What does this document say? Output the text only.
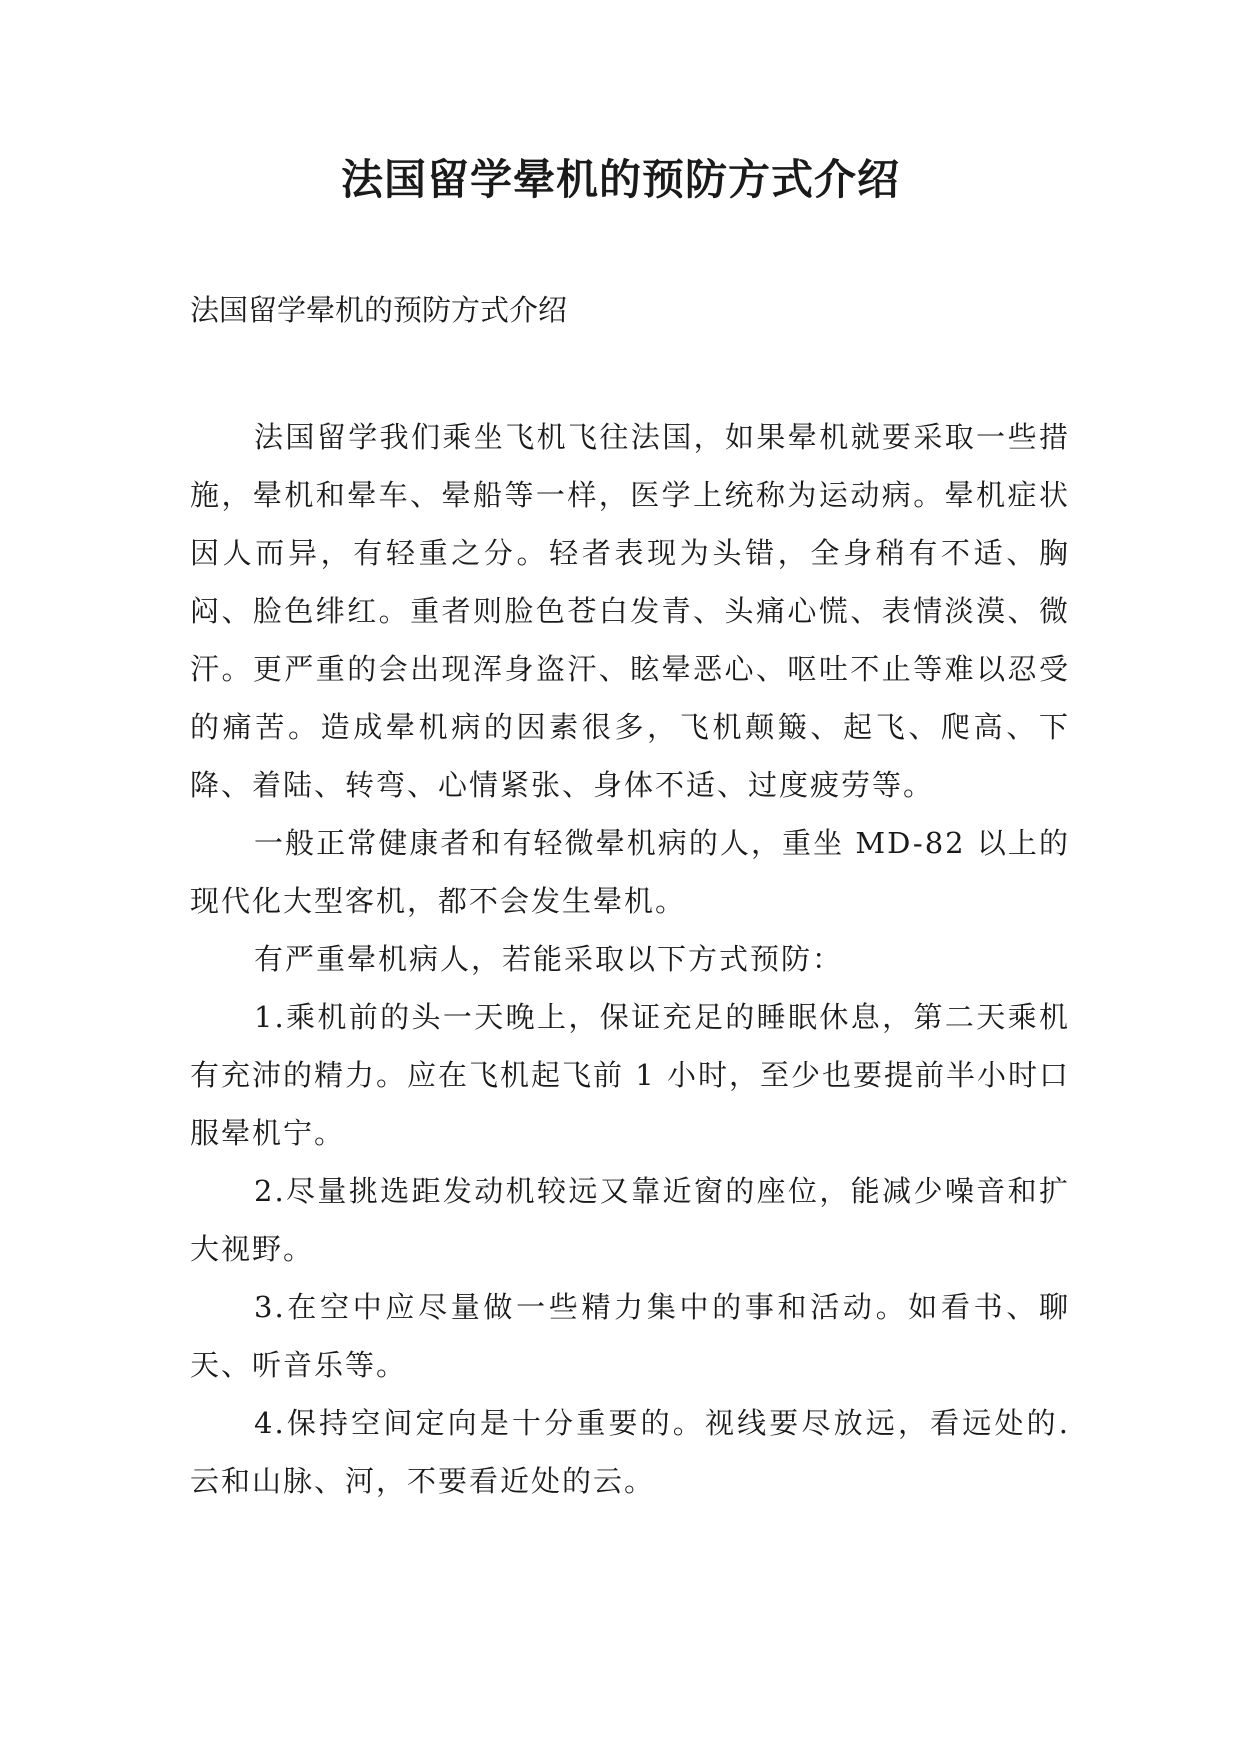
法国留学晕机的预防方式介绍

法国留学晕机的预防方式介绍

法国留学我们乘坐飞机飞往法国，如果晕机就要采取一些措施，晕机和晕车、晕船等一样，医学上统称为运动病。晕机症状因人而异，有轻重之分。轻者表现为头错，全身稍有不适、胸闷、脸色绯红。重者则脸色苍白发青、头痛心慌、表情淡漠、微汗。更严重的会出现浑身盗汗、眩晕恶心、呕吐不止等难以忍受的痛苦。造成晕机病的因素很多，飞机颠簸、起飞、爬高、下降、着陆、转弯、心情紧张、身体不适、过度疲劳等。

一般正常健康者和有轻微晕机病的人，重坐 MD-82 以上的现代化大型客机，都不会发生晕机。

有严重晕机病人，若能采取以下方式预防：

1.乘机前的头一天晚上，保证充足的睡眠休息，第二天乘机有充沛的精力。应在飞机起飞前 1 小时，至少也要提前半小时口服晕机宁。

2.尽量挑选距发动机较远又靠近窗的座位，能减少噪音和扩大视野。

3.在空中应尽量做一些精力集中的事和活动。如看书、聊天、听音乐等。

4.保持空间定向是十分重要的。视线要尽放远，看远处的.云和山脉、河，不要看近处的云。
